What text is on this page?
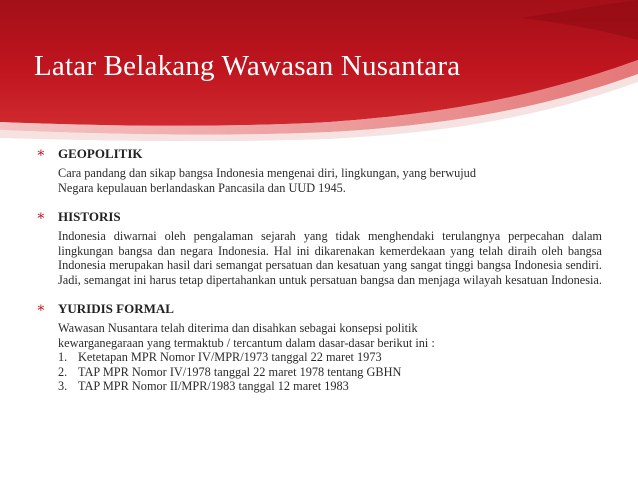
Latar Belakang Wawasan Nusantara
∗ GEOPOLITIK
Cara pandang dan sikap bangsa Indonesia mengenai diri, lingkungan, yang berwujud
Negara kepulauan berlandaskan Pancasila dan UUD 1945.
∗ HISTORIS
Indonesia diwarnai oleh pengalaman sejarah yang tidak menghendaki terulangnya perpecahan dalam lingkungan bangsa dan negara Indonesia. Hal ini dikarenakan kemerdekaan yang telah diraih oleh bangsa Indonesia merupakan hasil dari semangat persatuan dan kesatuan yang sangat tinggi bangsa Indonesia sendiri. Jadi, semangat ini harus tetap dipertahankan untuk persatuan bangsa dan menjaga wilayah kesatuan Indonesia.
∗ YURIDIS FORMAL
Wawasan Nusantara telah diterima dan disahkan sebagai konsepsi politik
kewarganegaraan yang termaktub / tercantum dalam dasar-dasar berikut ini :
1. Ketetapan MPR Nomor IV/MPR/1973 tanggal 22 maret 1973
2. TAP MPR Nomor IV/1978 tanggal 22 maret 1978 tentang GBHN
3. TAP MPR Nomor II/MPR/1983 tanggal 12 maret 1983
